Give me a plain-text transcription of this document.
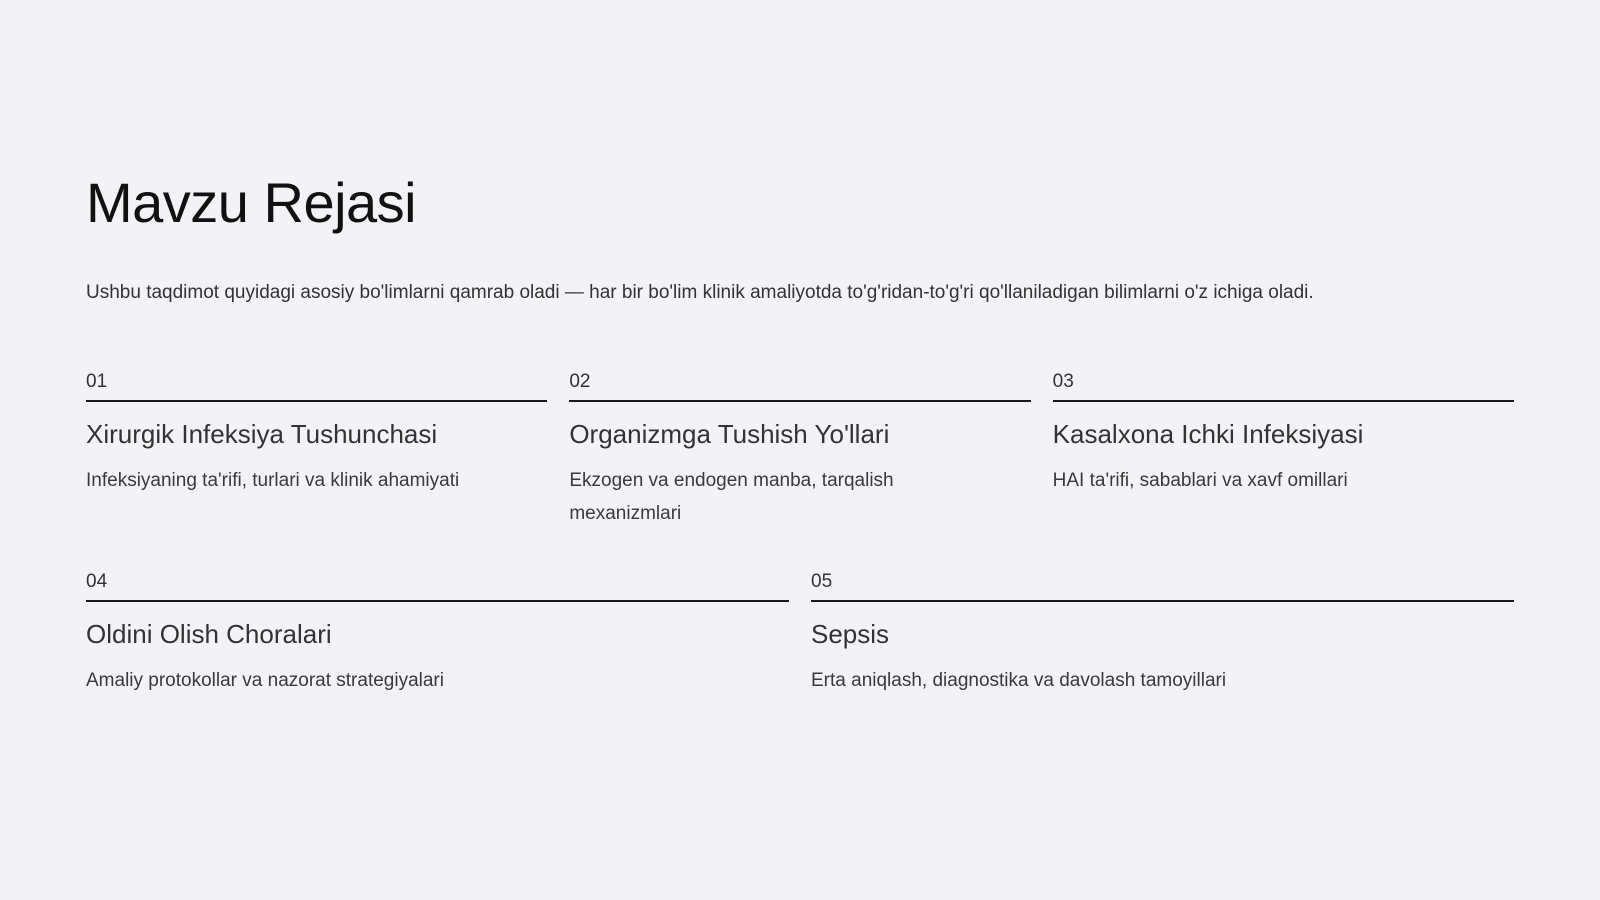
Mavzu Rejasi

Ushbu taqdimot quyidagi asosiy bo'limlarni qamrab oladi — har bir bo'lim klinik amaliyotda to'g'ridan-to'g'ri qo'llaniladigan bilimlarni o'z ichiga oladi.

01
Xirurgik Infeksiya Tushunchasi
Infeksiyaning ta'rifi, turlari va klinik ahamiyati
02
Organizmga Tushish Yo'llari
Ekzogen va endogen manba, tarqalish mexanizmlari
03
Kasalxona Ichki Infeksiyasi
HAI ta'rifi, sabablari va xavf omillari
04
Oldini Olish Choralari
Amaliy protokollar va nazorat strategiyalari
05
Sepsis
Erta aniqlash, diagnostika va davolash tamoyillari
